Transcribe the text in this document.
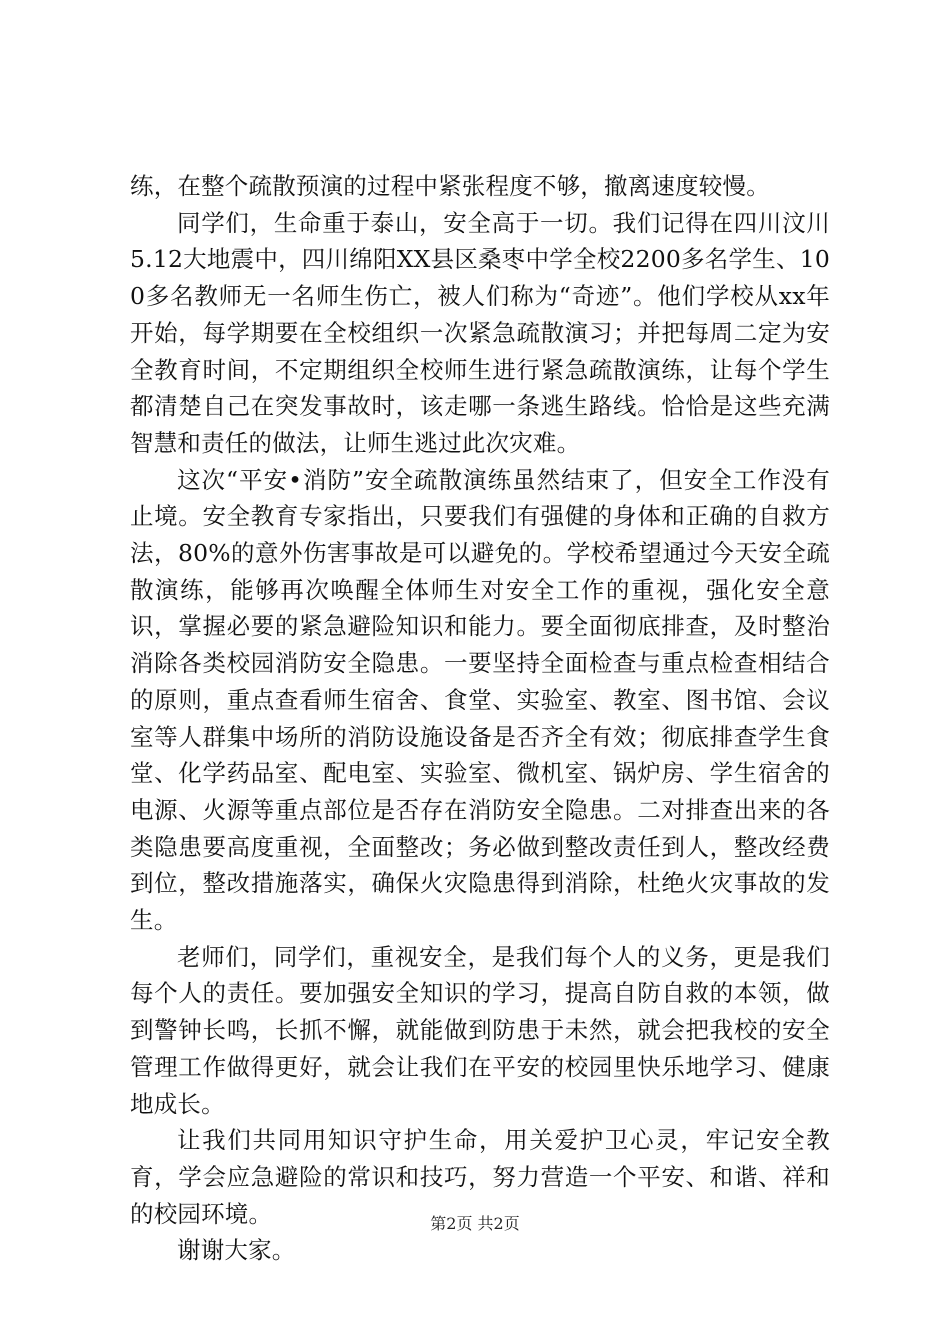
练，在整个疏散预演的过程中紧张程度不够，撤离速度较慢。

同学们，生命重于泰山，安全高于一切。我们记得在四川汶川5.12大地震中，四川绵阳XX县区桑枣中学全校2200多名学生、100多名教师无一名师生伤亡，被人们称为“奇迹”。他们学校从xx年开始，每学期要在全校组织一次紧急疏散演习；并把每周二定为安全教育时间，不定期组织全校师生进行紧急疏散演练，让每个学生都清楚自己在突发事故时，该走哪一条逃生路线。恰恰是这些充满智慧和责任的做法，让师生逃过此次灾难。

这次“平安•消防”安全疏散演练虽然结束了，但安全工作没有止境。安全教育专家指出，只要我们有强健的身体和正确的自救方法，80%的意外伤害事故是可以避免的。学校希望通过今天安全疏散演练，能够再次唤醒全体师生对安全工作的重视，强化安全意识，掌握必要的紧急避险知识和能力。要全面彻底排查，及时整治消除各类校园消防安全隐患。一要坚持全面检查与重点检查相结合的原则，重点查看师生宿舍、食堂、实验室、教室、图书馆、会议室等人群集中场所的消防设施设备是否齐全有效；彻底排查学生食堂、化学药品室、配电室、实验室、微机室、锅炉房、学生宿舍的电源、火源等重点部位是否存在消防安全隐患。二对排查出来的各类隐患要高度重视，全面整改；务必做到整改责任到人，整改经费到位，整改措施落实，确保火灾隐患得到消除，杜绝火灾事故的发生。

老师们，同学们，重视安全，是我们每个人的义务，更是我们每个人的责任。要加强安全知识的学习，提高自防自救的本领，做到警钟长鸣，长抓不懈，就能做到防患于未然，就会把我校的安全管理工作做得更好，就会让我们在平安的校园里快乐地学习、健康地成长。

让我们共同用知识守护生命，用关爱护卫心灵，牢记安全教育，学会应急避险的常识和技巧，努力营造一个平安、和谐、祥和的校园环境。

谢谢大家。

第2页 共2页
